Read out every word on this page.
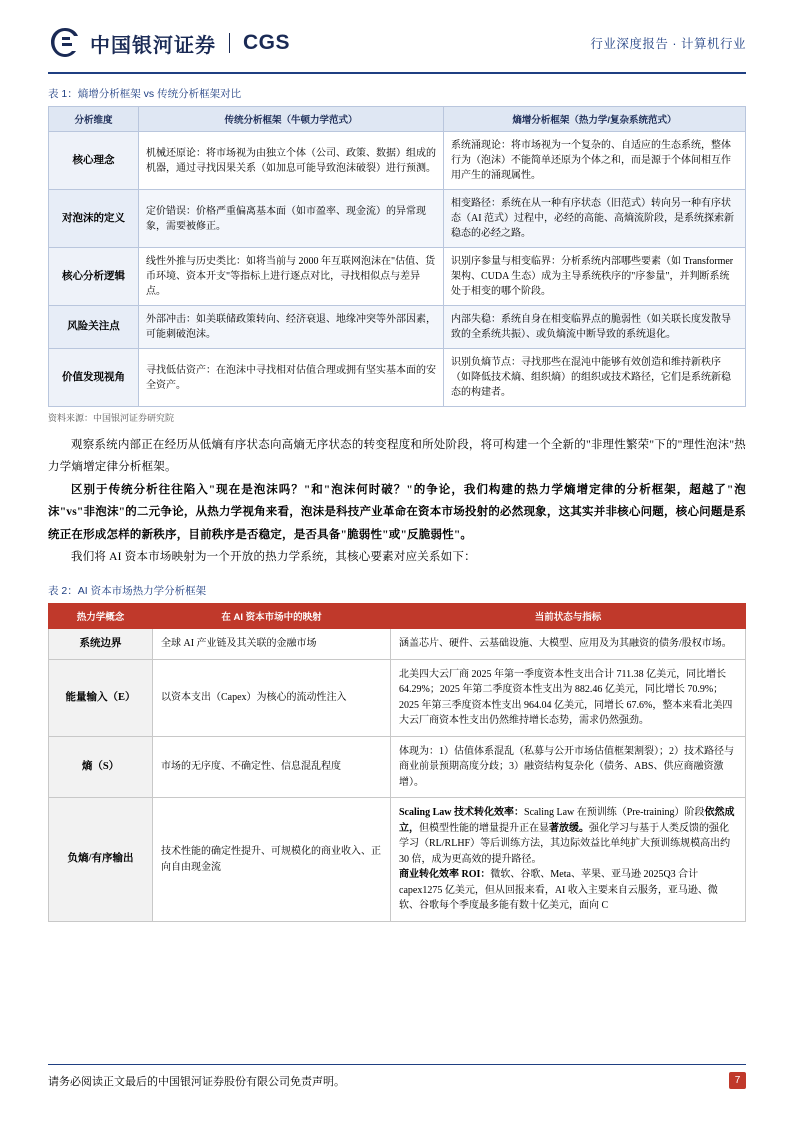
中国银河证券 CGS	行业深度报告 · 计算机行业
表 1：熵增分析框架 vs 传统分析框架对比
分析维度	传统分析框架（牛顿力学范式）	熵增分析框架（热力学/复杂系统范式）
核心理念	机械还原论：将市场视为由独立个体（公司、政策、数据）组成的机器，通过寻找因果关系（如加息可能导致泡沫破裂）进行预测。	系统涌现论：将市场视为一个复杂的、自适应的生态系统，整体行为（泡沫）不能简单还原为个体之和，而是源于个体间相互作用产生的涌现属性。
对泡沫的定义	定价错误：价格严重偏离基本面（如市盈率、现金流）的异常现象，需要被修正。	相变路径：系统在从一种有序状态（旧范式）转向另一种有序状态（AI 范式）过程中，必经的高能、高熵流阶段，是系统探索新稳态的必经之路。
核心分析逻辑	线性外推与历史类比：如将当前与 2000 年互联网泡沫在"估值、货币环境、资本开支"等指标上进行逐点对比，寻找相似点与差异点。	识别序参量与相变临界：分析系统内部哪些要素（如 Transformer 架构、CUDA 生态）成为主导系统秩序的"序参量"，并判断系统处于相变的哪个阶段。
风险关注点	外部冲击：如美联储政策转向、经济衰退、地缘冲突等外部因素，可能刺破泡沫。	内部失稳：系统自身在相变临界点的脆弱性（如关联长度发散导致的全系统共振）、或负熵流中断导致的系统退化。
价值发现视角	寻找低估资产：在泡沫中寻找相对估值合理或拥有坚实基本面的安全资产。	识别负熵节点：寻找那些在混沌中能够有效创造和维持新秩序（如降低技术熵、组织熵）的组织或技术路径，它们是系统新稳态的构建者。
资料来源：中国银河证券研究院

观察系统内部正在经历从低熵有序状态向高熵无序状态的转变程度和所处阶段，将可构建一个全新的"非理性繁荣"下的"理性泡沫"热力学熵增定律分析框架。

区别于传统分析往往陷入"现在是泡沫吗？"和"泡沫何时破？"的争论，我们构建的热力学熵增定律的分析框架，超越了"泡沫"vs"非泡沫"的二元争论，从热力学视角来看，泡沫是科技产业革命在资本市场投射的必然现象，这其实并非核心问题，核心问题是系统正在形成怎样的新秩序，目前秩序是否稳定，是否具备"脆弱性"或"反脆弱性"。

我们将 AI 资本市场映射为一个开放的热力学系统，其核心要素对应关系如下：

表 2：AI 资本市场热力学分析框架
热力学概念	在 AI 资本市场中的映射	当前状态与指标
系统边界	全球 AI 产业链及其关联的金融市场	涵盖芯片、硬件、云基础设施、大模型、应用及为其融资的债务/股权市场。
能量输入（E）	以资本支出（Capex）为核心的流动性注入	北美四大云厂商 2025 年第一季度资本性支出合计 711.38 亿美元，同比增长 64.29%；2025 年第二季度资本性支出为 882.46 亿美元，同比增长 70.9%；2025 年第三季度资本性支出 964.04 亿美元，同增长 67.6%，整本来看北美四大云厂商资本性支出仍然维持增长态势，需求仍然强劲。
熵（S）	市场的无序度、不确定性、信息混乱程度	体现为：1）估值体系混乱（私募与公开市场估值框架割裂）；2）技术路径与商业前景预期高度分歧；3）融资结构复杂化（债务、ABS、供应商融资激增）。
负熵/有序输出	技术性能的确定性提升、可规模化的商业收入、正向自由现金流	Scaling Law 技术转化效率：Scaling Law 在预训练（Pre-training）阶段依然成立，但模型性能的增量提升正在显著放缓。强化学习与基于人类反馈的强化学习（RL/RLHF）等后训练方法，其边际效益比单纯扩大预训练规模高出约 30 倍，成为更高效的提升路径。
商业转化效率 ROI：微软、谷歌、Meta、苹果、亚马逊 2025Q3 合计 capex1275 亿美元，但从回报来看，AI 收入主要来自云服务，亚马逊、微软、谷歌每个季度最多能有数十亿美元，面向 C
请务必阅读正文最后的中国银河证券股份有限公司免责声明。	7
